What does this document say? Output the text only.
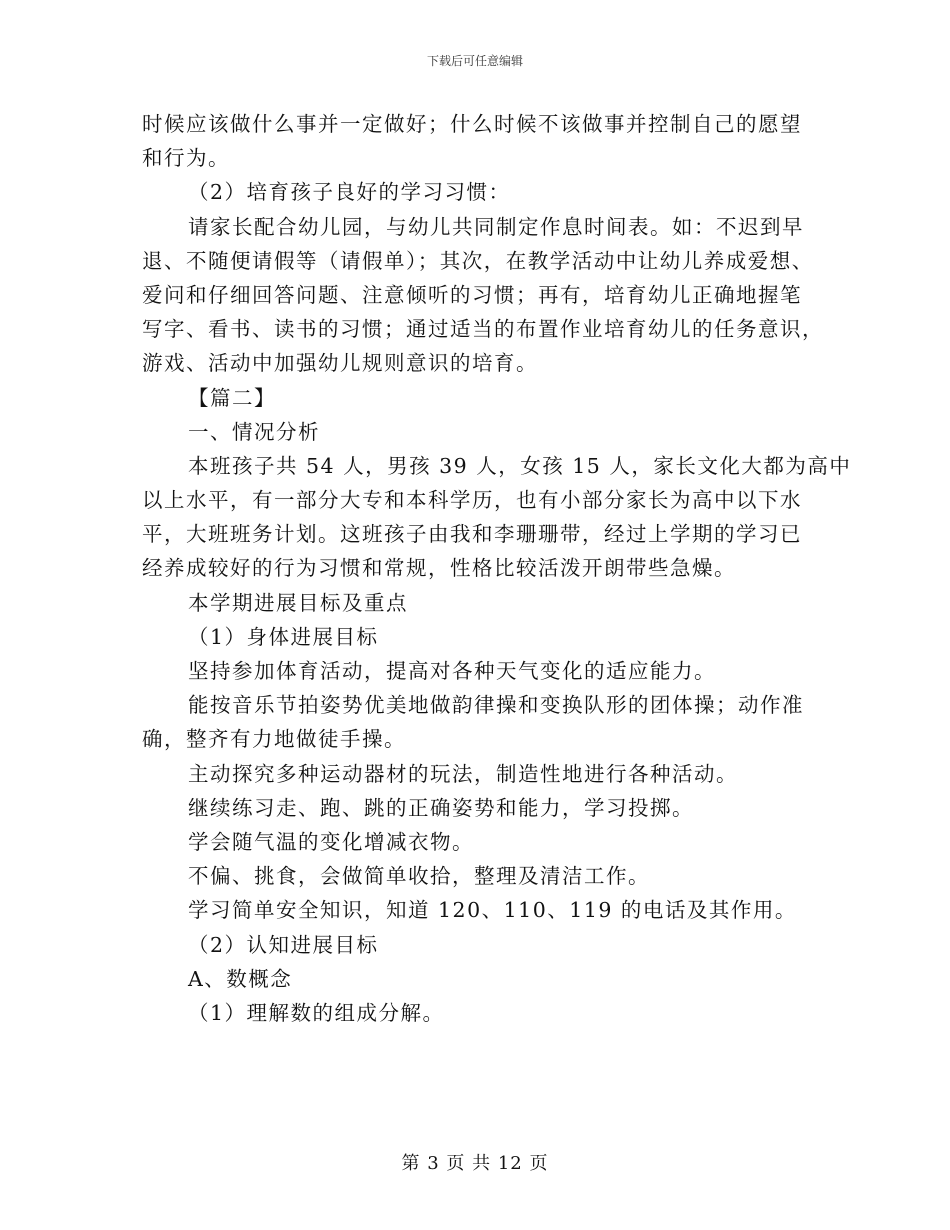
下载后可任意编辑
时候应该做什么事并一定做好；什么时候不该做事并控制自己的愿望
和行为。
（2）培育孩子良好的学习习惯：
请家长配合幼儿园，与幼儿共同制定作息时间表。如：不迟到早
退、不随便请假等（请假单）；其次，在教学活动中让幼儿养成爱想、
爱问和仔细回答问题、注意倾听的习惯；再有，培育幼儿正确地握笔
写字、看书、读书的习惯；通过适当的布置作业培育幼儿的任务意识，
游戏、活动中加强幼儿规则意识的培育。
【篇二】
一、情况分析
本班孩子共 54 人，男孩 39 人，女孩 15 人，家长文化大都为高中
以上水平，有一部分大专和本科学历，也有小部分家长为高中以下水
平，大班班务计划。这班孩子由我和李珊珊带，经过上学期的学习已
经养成较好的行为习惯和常规，性格比较活泼开朗带些急燥。
本学期进展目标及重点
（1）身体进展目标
坚持参加体育活动，提高对各种天气变化的适应能力。
能按音乐节拍姿势优美地做韵律操和变换队形的团体操；动作准
确，整齐有力地做徒手操。
主动探究多种运动器材的玩法，制造性地进行各种活动。
继续练习走、跑、跳的正确姿势和能力，学习投掷。
学会随气温的变化增减衣物。
不偏、挑食，会做简单收拾，整理及清洁工作。
学习简单安全知识，知道 120、110、119 的电话及其作用。
（2）认知进展目标
A、数概念
（1）理解数的组成分解。
第 3 页 共 12 页
